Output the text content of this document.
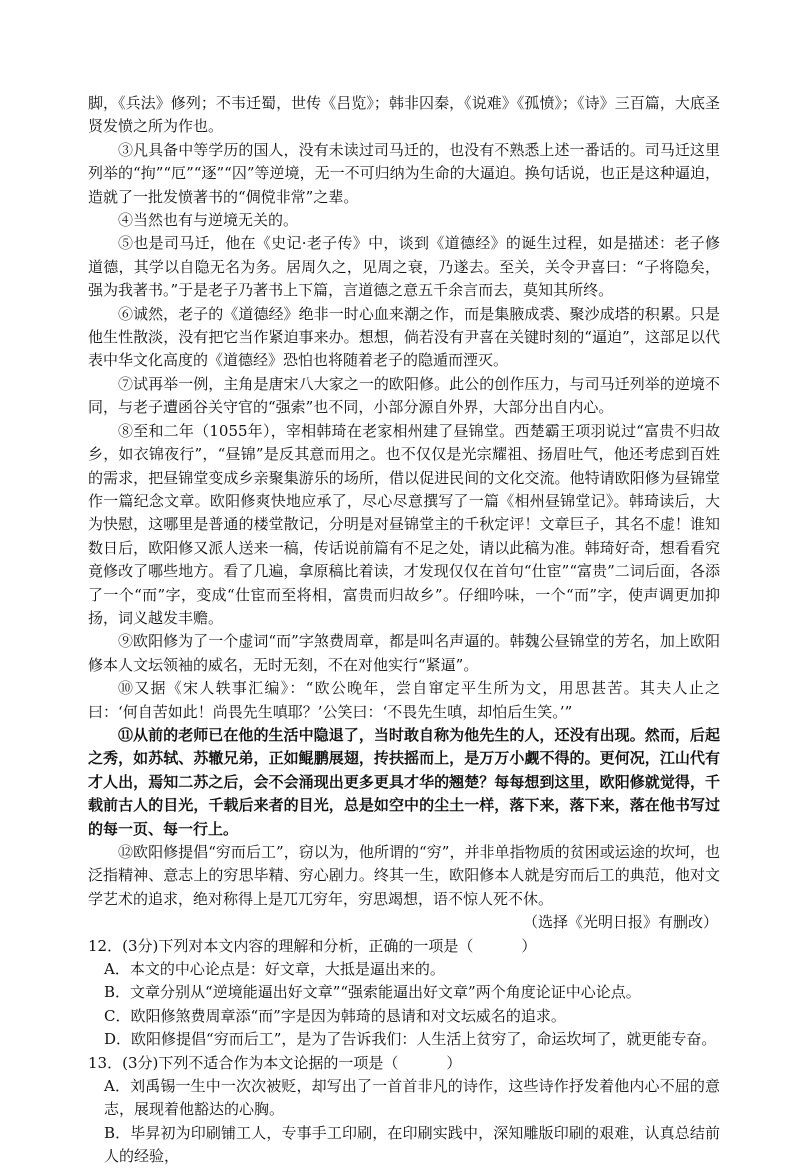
脚，《兵法》修列；不韦迁蜀，世传《吕览》；韩非囚秦，《说难》《孤愤》；《诗》三百篇，大底圣贤发愤之所为作也。

③凡具备中等学历的国人，没有未读过司马迁的，也没有不熟悉上述一番话的。司马迁这里列举的“拘”“厄”“逐”“囚”等逆境，无一不可归纳为生命的大逼迫。换句话说，也正是这种逼迫，造就了一批发愤著书的“倜傥非常”之辈。

④当然也有与逆境无关的。

⑤也是司马迁，他在《史记·老子传》中，谈到《道德经》的诞生过程，如是描述：老子修道德，其学以自隐无名为务。居周久之，见周之衰，乃遂去。至关，关令尹喜曰：“子将隐矣，强为我著书。”于是老子乃著书上下篇，言道德之意五千余言而去，莫知其所终。

⑥诚然，老子的《道德经》绝非一时心血来潮之作，而是集腋成裘、聚沙成塔的积累。只是他生性散淡，没有把它当作紧迫事来办。想想，倘若没有尹喜在关键时刻的“逼迫”，这部足以代表中华文化高度的《道德经》恐怕也将随着老子的隐遁而湮灭。

⑦试再举一例，主角是唐宋八大家之一的欧阳修。此公的创作压力，与司马迁列举的逆境不同，与老子遭函谷关守官的“强索”也不同，小部分源自外界，大部分出自内心。

⑧至和二年（1055年），宰相韩琦在老家相州建了昼锦堂。西楚霸王项羽说过“富贵不归故乡，如衣锦夜行”，“昼锦”是反其意而用之。也不仅仅是光宗耀祖、扬眉吐气，他还考虑到百姓的需求，把昼锦堂变成乡亲聚集游乐的场所，借以促进民间的文化交流。他特请欧阳修为昼锦堂作一篇纪念文章。欧阳修爽快地应承了，尽心尽意撰写了一篇《相州昼锦堂记》。韩琦读后，大为快慰，这哪里是普通的楼堂散记，分明是对昼锦堂主的千秋定评！文章巨子，其名不虚！谁知数日后，欧阳修又派人送来一稿，传话说前篇有不足之处，请以此稿为准。韩琦好奇，想看看究竟修改了哪些地方。看了几遍，拿原稿比着读，才发现仅仅在首句“仕宦”“富贵”二词后面，各添了一个“而”字，变成“仕宦而至将相，富贵而归故乡”。仔细吟味，一个“而”字，使声调更加抑扬，词义越发丰赡。

⑨欧阳修为了一个虚词“而”字煞费周章，都是叫名声逼的。韩魏公昼锦堂的芳名，加上欧阳修本人文坛领袖的威名，无时无刻，不在对他实行“紧逼”。

⑩又据《宋人轶事汇编》：“欧公晚年，尝自窜定平生所为文，用思甚苦。其夫人止之曰：‘何自苦如此！尚畏先生嗔耶？’公笑曰：‘不畏先生嗔，却怕后生笑。’”

⑪从前的老师已在他的生活中隐退了，当时敢自称为他先生的人，还没有出现。然而，后起之秀，如苏轼、苏辙兄弟，正如鲲鹏展翅，抟扶摇而上，是万万小觑不得的。更何况，江山代有才人出，焉知二苏之后，会不会涌现出更多更具才华的翘楚？每每想到这里，欧阳修就觉得，千载前古人的目光，千载后来者的目光，总是如空中的尘土一样，落下来，落下来，落在他书写过的每一页、每一行上。

⑫欧阳修提倡“穷而后工”，窃以为，他所谓的“穷”，并非单指物质的贫困或运途的坎坷，也泛指精神、意志上的穷思毕精、穷心剧力。终其一生，欧阳修本人就是穷而后工的典范，他对文学艺术的追求，绝对称得上是兀兀穷年，穷思竭想，语不惊人死不休。

（选择《光明日报》有删改）

12．(3分)下列对本文内容的理解和分析，正确的一项是（	）

A．本文的中心论点是：好文章，大抵是逼出来的。

B．文章分别从“逆境能逼出好文章”“强索能逼出好文章”两个角度论证中心论点。

C．欧阳修煞费周章添“而”字是因为韩琦的恳请和对文坛威名的追求。

D．欧阳修提倡“穷而后工”，是为了告诉我们：人生活上贫穷了，命运坎坷了，就更能专奋。

13．(3分)下列不适合作为本文论据的一项是（	）

A．刘禹锡一生中一次次被贬，却写出了一首首非凡的诗作，这些诗作抒发着他内心不屈的意志，展现着他豁达的心胸。

B．毕昇初为印刷铺工人，专事手工印刷，在印刷实践中，深知雕版印刷的艰难，认真总结前人的经验，
